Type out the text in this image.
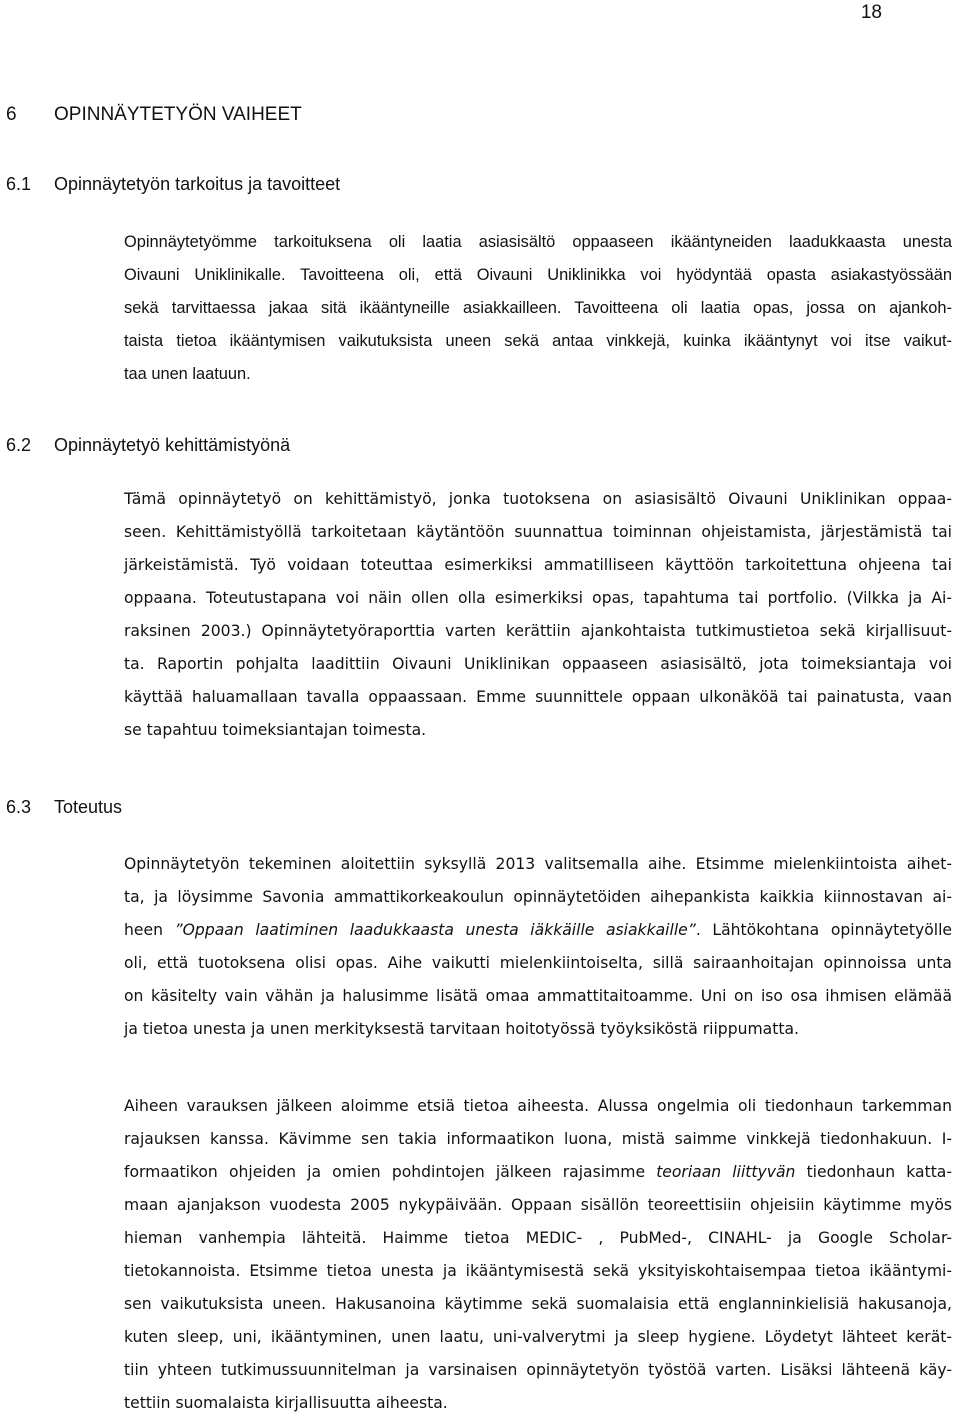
18
6 OPINNÄYTETYÖN VAIHEET
6.1 Opinnäytetyön tarkoitus ja tavoitteet

Opinnäytetyömme tarkoituksena oli laatia asiasisältö oppaaseen ikääntyneiden laadukkaasta unesta
Oivauni Uniklinikalle. Tavoitteena oli, että Oivauni Uniklinikka voi hyödyntää opasta asiakastyössään
sekä tarvittaessa jakaa sitä ikääntyneille asiakkailleen. Tavoitteena oli laatia opas, jossa on ajankoh-
taista tietoa ikääntymisen vaikutuksista uneen sekä antaa vinkkejä, kuinka ikääntynyt voi itse vaikut-
taa unen laatuun.

6.2 Opinnäytetyö kehittämistyönä

Tämä opinnäytetyö on kehittämistyö, jonka tuotoksena on asiasisältö Oivauni Uniklinikan oppaa-
seen. Kehittämistyöllä tarkoitetaan käytäntöön suunnattua toiminnan ohjeistamista, järjestämistä tai
järkeistämistä. Työ voidaan toteuttaa esimerkiksi ammatilliseen käyttöön tarkoitettuna ohjeena tai
oppaana. Toteutustapana voi näin ollen olla esimerkiksi opas, tapahtuma tai portfolio. (Vilkka ja Ai-
raksinen 2003.) Opinnäytetyöraporttia varten kerättiin ajankohtaista tutkimustietoa sekä kirjallisuut-
ta. Raportin pohjalta laadittiin Oivauni Uniklinikan oppaaseen asiasisältö, jota toimeksiantaja voi
käyttää haluamallaan tavalla oppaassaan. Emme suunnittele oppaan ulkonäköä tai painatusta, vaan
se tapahtuu toimeksiantajan toimesta.

6.3 Toteutus

Opinnäytetyön tekeminen aloitettiin syksyllä 2013 valitsemalla aihe. Etsimme mielenkiintoista aihet-
ta, ja löysimme Savonia ammattikorkeakoulun opinnäytetöiden aihepankista kaikkia kiinnostavan ai-
heen ”Oppaan laatiminen laadukkaasta unesta iäkkäille asiakkaille”. Lähtökohtana opinnäytetyölle
oli, että tuotoksena olisi opas. Aihe vaikutti mielenkiintoiselta, sillä sairaanhoitajan opinnoissa unta
on käsitelty vain vähän ja halusimme lisätä omaa ammattitaitoamme. Uni on iso osa ihmisen elämää
ja tietoa unesta ja unen merkityksestä tarvitaan hoitotyössä työyksiköstä riippumatta.

Aiheen varauksen jälkeen aloimme etsiä tietoa aiheesta. Alussa ongelmia oli tiedonhaun tarkemman
rajauksen kanssa. Kävimme sen takia informaatikon luona, mistä saimme vinkkejä tiedonhakuun. I-
formaatikon ohjeiden ja omien pohdintojen jälkeen rajasimme teoriaan liittyvän tiedonhaun katta-
maan ajanjakson vuodesta 2005 nykypäivään. Oppaan sisällön teoreettisiin ohjeisiin käytimme myös
hieman vanhempia lähteitä. Haimme tietoa MEDIC- , PubMed-, CINAHL- ja Google Scholar-
tietokannoista. Etsimme tietoa unesta ja ikääntymisestä sekä yksityiskohtaisempaa tietoa ikääntymi-
sen vaikutuksista uneen. Hakusanoina käytimme sekä suomalaisia että englanninkielisiä hakusanoja,
kuten sleep, uni, ikääntyminen, unen laatu, uni-valverytmi ja sleep hygiene. Löydetyt lähteet kerät-
tiin yhteen tutkimussuunnitelman ja varsinaisen opinnäytetyön työstöä varten. Lisäksi lähteenä käy-
tettiin suomalaista kirjallisuutta aiheesta.
